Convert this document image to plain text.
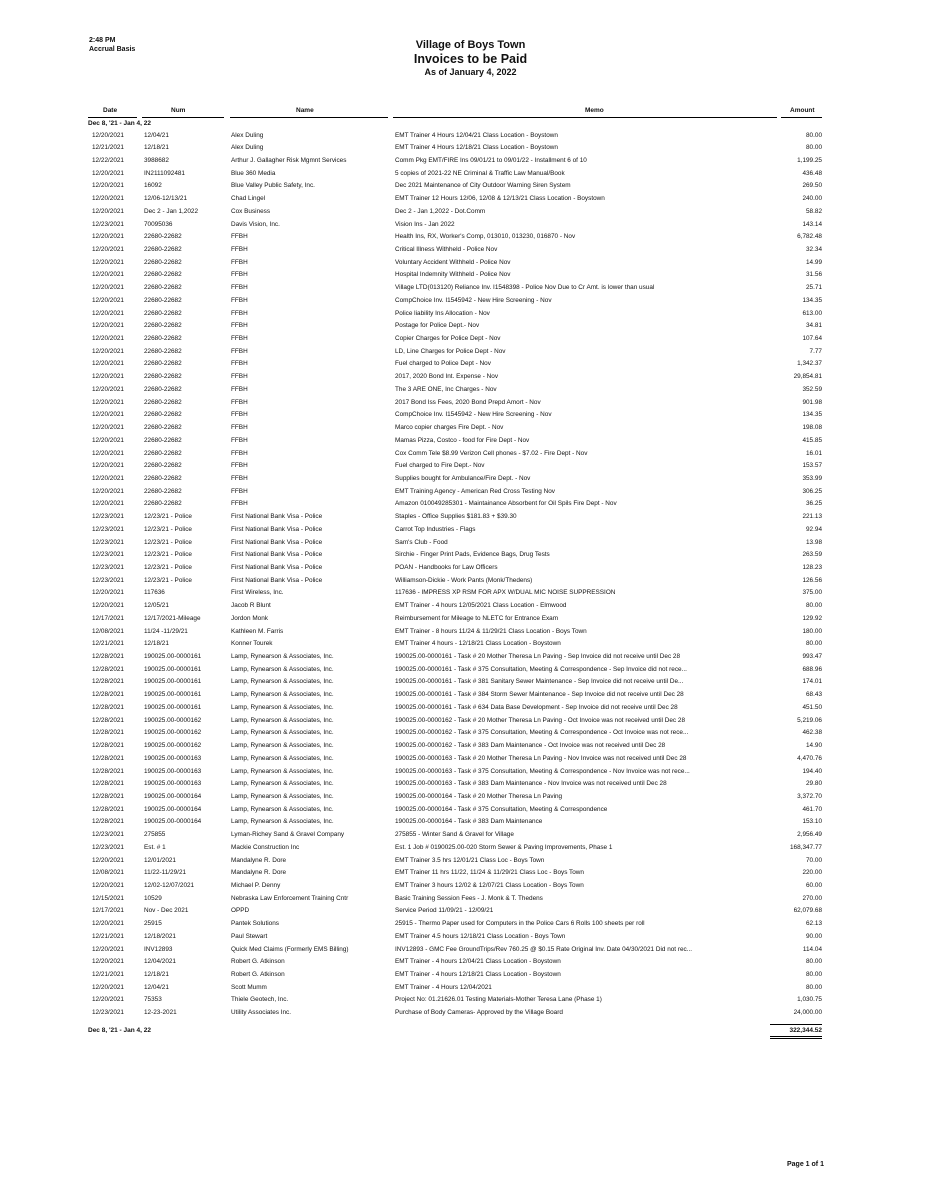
2:48 PM
Accrual Basis	Village of Boys Town
Invoices to be Paid
As of January 4, 2022
Date	Num	Name	Memo	Amount
Dec 8, '21 - Jan 4, 22
12/20/2021	12/04/21	Alex Duling	EMT Trainer 4 Hours 12/04/21 Class Location - Boystown	80.00
12/21/2021	12/18/21	Alex Duling	EMT Trainer 4 Hours 12/18/21 Class Location - Boystown	80.00
12/22/2021	3988682	Arthur J. Gallagher Risk Mgmnt Services	Comm Pkg EMT/FIRE Ins 09/01/21 to 09/01/22 - Installment 6 of 10	1,199.25
12/20/2021	IN2111092481	Blue 360 Media	5 copies of 2021-22 NE Criminal & Traffic Law Manual/Book	436.48
12/20/2021	16092	Blue Valley Public Safety, Inc.	Dec 2021 Maintenance of City Outdoor Warning Siren System	269.50
12/20/2021	12/06-12/13/21	Chad Lingel	EMT Trainer 12 Hours 12/06, 12/08 & 12/13/21 Class Location - Boystown	240.00
12/20/2021	Dec 2 - Jan 1,2022	Cox Business	Dec 2 - Jan 1,2022 - Dot.Comm	58.82
12/23/2021	70095036	Davis Vision, Inc.	Vision Ins - Jan 2022	143.14
12/20/2021	22680-22682	FFBH	Health Ins, RX, Worker's Comp, 013010, 013230, 016870 - Nov	6,782.48
12/20/2021	22680-22682	FFBH	Critical Illness Withheld - Police Nov	32.34
12/20/2021	22680-22682	FFBH	Voluntary Accident Withheld - Police Nov	14.99
12/20/2021	22680-22682	FFBH	Hospital Indemnity Withheld - Police Nov	31.56
12/20/2021	22680-22682	FFBH	Village LTD(013120) Reliance Inv. I1548398 - Police Nov Due to Cr Amt. is lower than usual	25.71
12/20/2021	22680-22682	FFBH	CompChoice Inv. I1545942 - New Hire Screening - Nov	134.35
12/20/2021	22680-22682	FFBH	Police liability Ins Allocation - Nov	613.00
12/20/2021	22680-22682	FFBH	Postage for Police Dept.- Nov	34.81
12/20/2021	22680-22682	FFBH	Copier Charges for Police Dept - Nov	107.64
12/20/2021	22680-22682	FFBH	LD, Line Charges for Police Dept - Nov	7.77
12/20/2021	22680-22682	FFBH	Fuel charged to Police Dept - Nov	1,342.37
12/20/2021	22680-22682	FFBH	2017, 2020 Bond Int. Expense - Nov	29,854.81
12/20/2021	22680-22682	FFBH	The 3 ARE ONE, Inc Charges - Nov	352.59
12/20/2021	22680-22682	FFBH	2017 Bond Iss Fees, 2020 Bond Prepd Amort - Nov	901.98
12/20/2021	22680-22682	FFBH	CompChoice Inv. I1545942 - New Hire Screening - Nov	134.35
12/20/2021	22680-22682	FFBH	Marco copier charges Fire Dept. - Nov	198.08
12/20/2021	22680-22682	FFBH	Mamas Pizza, Costco - food for Fire Dept - Nov	415.85
12/20/2021	22680-22682	FFBH	Cox Comm Tele $8.99 Verizon Cell phones - $7.02 - Fire Dept - Nov	16.01
12/20/2021	22680-22682	FFBH	Fuel charged to Fire Dept.- Nov	153.57
12/20/2021	22680-22682	FFBH	Supplies bought for Ambulance/Fire Dept. - Nov	353.99
12/20/2021	22680-22682	FFBH	EMT Training Agency - American Red Cross Testing Nov	306.25
12/20/2021	22680-22682	FFBH	Amazon 010049285301 - Maintainance Absorbent for Oil Spils Fire Dept - Nov	36.25
12/23/2021	12/23/21 - Police	First National Bank Visa - Police	Staples - Office Supplies $181.83 + $39.30	221.13
12/23/2021	12/23/21 - Police	First National Bank Visa - Police	Carrot Top Industries - Flags	92.94
12/23/2021	12/23/21 - Police	First National Bank Visa - Police	Sam's Club - Food	13.98
12/23/2021	12/23/21 - Police	First National Bank Visa - Police	Sirchie - Finger Print Pads, Evidence Bags, Drug Tests	263.59
12/23/2021	12/23/21 - Police	First National Bank Visa - Police	POAN - Handbooks for Law Officers	128.23
12/23/2021	12/23/21 - Police	First National Bank Visa - Police	Williamson-Dickie - Work Pants (Monk/Thedens)	126.56
12/20/2021	117636	First Wireless, Inc.	117636 - IMPRESS XP RSM FOR APX W/DUAL MIC NOISE SUPPRESSION	375.00
12/20/2021	12/05/21	Jacob R Blunt	EMT Trainer - 4 hours 12/05/2021 Class Location - Elmwood	80.00
12/17/2021	12/17/2021-Mileage	Jordon Monk	Reimbursement for Mileage to NLETC for Entrance Exam	129.92
12/08/2021	11/24 -11/29/21	Kathleen M. Farris	EMT Trainer - 8 hours 11/24 & 11/29/21 Class Location - Boys Town	180.00
12/21/2021	12/18/21	Konner Tourek	EMT Trainer 4 hours - 12/18/21 Class Location - Boystown	80.00
12/28/2021	190025.00-0000161	Lamp, Rynearson & Associates, Inc.	190025.00-0000161 - Task # 20 Mother Theresa Ln Paving - Sep Invoice did not receive until Dec 28	993.47
12/28/2021	190025.00-0000161	Lamp, Rynearson & Associates, Inc.	190025.00-0000161 - Task # 375 Consultation, Meeting & Correspondence - Sep Invoice did not rece...	688.96
12/28/2021	190025.00-0000161	Lamp, Rynearson & Associates, Inc.	190025.00-0000161 - Task # 381 Sanitary Sewer Maintenance - Sep Invoice did not receive until De...	174.01
12/28/2021	190025.00-0000161	Lamp, Rynearson & Associates, Inc.	190025.00-0000161 - Task # 384 Storm Sewer Maintenance - Sep Invoice did not receive until Dec 28	68.43
12/28/2021	190025.00-0000161	Lamp, Rynearson & Associates, Inc.	190025.00-0000161 - Task # 634 Data Base Development - Sep Invoice did not receive until Dec 28	451.50
12/28/2021	190025.00-0000162	Lamp, Rynearson & Associates, Inc.	190025.00-0000162 - Task # 20 Mother Theresa Ln Paving - Oct Invoice was not received until Dec 28	5,219.06
12/28/2021	190025.00-0000162	Lamp, Rynearson & Associates, Inc.	190025.00-0000162 - Task # 375 Consultation, Meeting & Correspondence - Oct Invoice was not rece...	462.38
12/28/2021	190025.00-0000162	Lamp, Rynearson & Associates, Inc.	190025.00-0000162 - Task # 383 Dam Maintenance - Oct Invoice was not received until Dec 28	14.90
12/28/2021	190025.00-0000163	Lamp, Rynearson & Associates, Inc.	190025.00-0000163 - Task # 20 Mother Theresa Ln Paving - Nov Invoice was not received until Dec 28	4,470.76
12/28/2021	190025.00-0000163	Lamp, Rynearson & Associates, Inc.	190025.00-0000163 - Task # 375 Consultation, Meeting & Correspondence - Nov Invoice was not rece...	194.40
12/28/2021	190025.00-0000163	Lamp, Rynearson & Associates, Inc.	190025.00-0000163 - Task # 383 Dam Maintenance - Nov Invoice was not received until Dec 28	29.80
12/28/2021	190025.00-0000164	Lamp, Rynearson & Associates, Inc.	190025.00-0000164 - Task # 20 Mother Theresa Ln Paving	3,372.70
12/28/2021	190025.00-0000164	Lamp, Rynearson & Associates, Inc.	190025.00-0000164 - Task # 375 Consultation, Meeting & Correspondence	461.70
12/28/2021	190025.00-0000164	Lamp, Rynearson & Associates, Inc.	190025.00-0000164 - Task # 383 Dam Maintenance	153.10
12/23/2021	275855	Lyman-Richey Sand & Gravel Company	275855 - Winter Sand & Gravel for Village	2,956.49
12/23/2021	Est. # 1	Mackie Construction Inc	Est. 1 Job # 0190025.00-020 Storm Sewer & Paving Improvements, Phase 1	168,347.77
12/20/2021	12/01/2021	Mandalyne R. Dore	EMT Trainer 3.5 hrs 12/01/21 Class Loc - Boys Town	70.00
12/08/2021	11/22-11/29/21	Mandalyne R. Dore	EMT Trainer 11 hrs 11/22, 11/24 & 11/29/21 Class Loc - Boys Town	220.00
12/20/2021	12/02-12/07/2021	Michael P. Denny	EMT Trainer 3 hours 12/02 & 12/07/21 Class Location - Boys Town	60.00
12/15/2021	10529	Nebraska Law Enforcement Training Cntr	Basic Training Session Fees - J. Monk & T. Thedens	270.00
12/17/2021	Nov - Dec 2021	OPPD	Service Period 11/09/21 - 12/09/21	62,079.68
12/20/2021	25915	Pantek Solutions	25915 - Thermo Paper used for Computers in the Police Cars 6 Rolls 100 sheets per roll	62.13
12/21/2021	12/18/2021	Paul Stewart	EMT Trainer 4.5 hours 12/18/21 Class Location - Boys Town	90.00
12/20/2021	INV12893	Quick Med Claims (Formerly EMS Billing)	INV12893 - GMC Fee GroundTrips/Rev 760.25 @ $0.15 Rate Original Inv. Date 04/30/2021 Did not rec...	114.04
12/20/2021	12/04/2021	Robert G. Atkinson	EMT Trainer - 4 hours 12/04/21 Class Location - Boystown	80.00
12/21/2021	12/18/21	Robert G. Atkinson	EMT Trainer - 4 hours 12/18/21 Class Location - Boystown	80.00
12/20/2021	12/04/21	Scott Mumm	EMT Trainer - 4 Hours 12/04/2021	80.00
12/20/2021	75353	Thiele Geotech, Inc.	Project No: 01.21626.01 Testing Materials-Mother Teresa Lane (Phase 1)	1,030.75
12/23/2021	12-23-2021	Utility Associates Inc.	Purchase of Body Cameras- Approved by the Village Board	24,000.00
Dec 8, '21 - Jan 4, 22	322,344.52
Page 1 of 1
